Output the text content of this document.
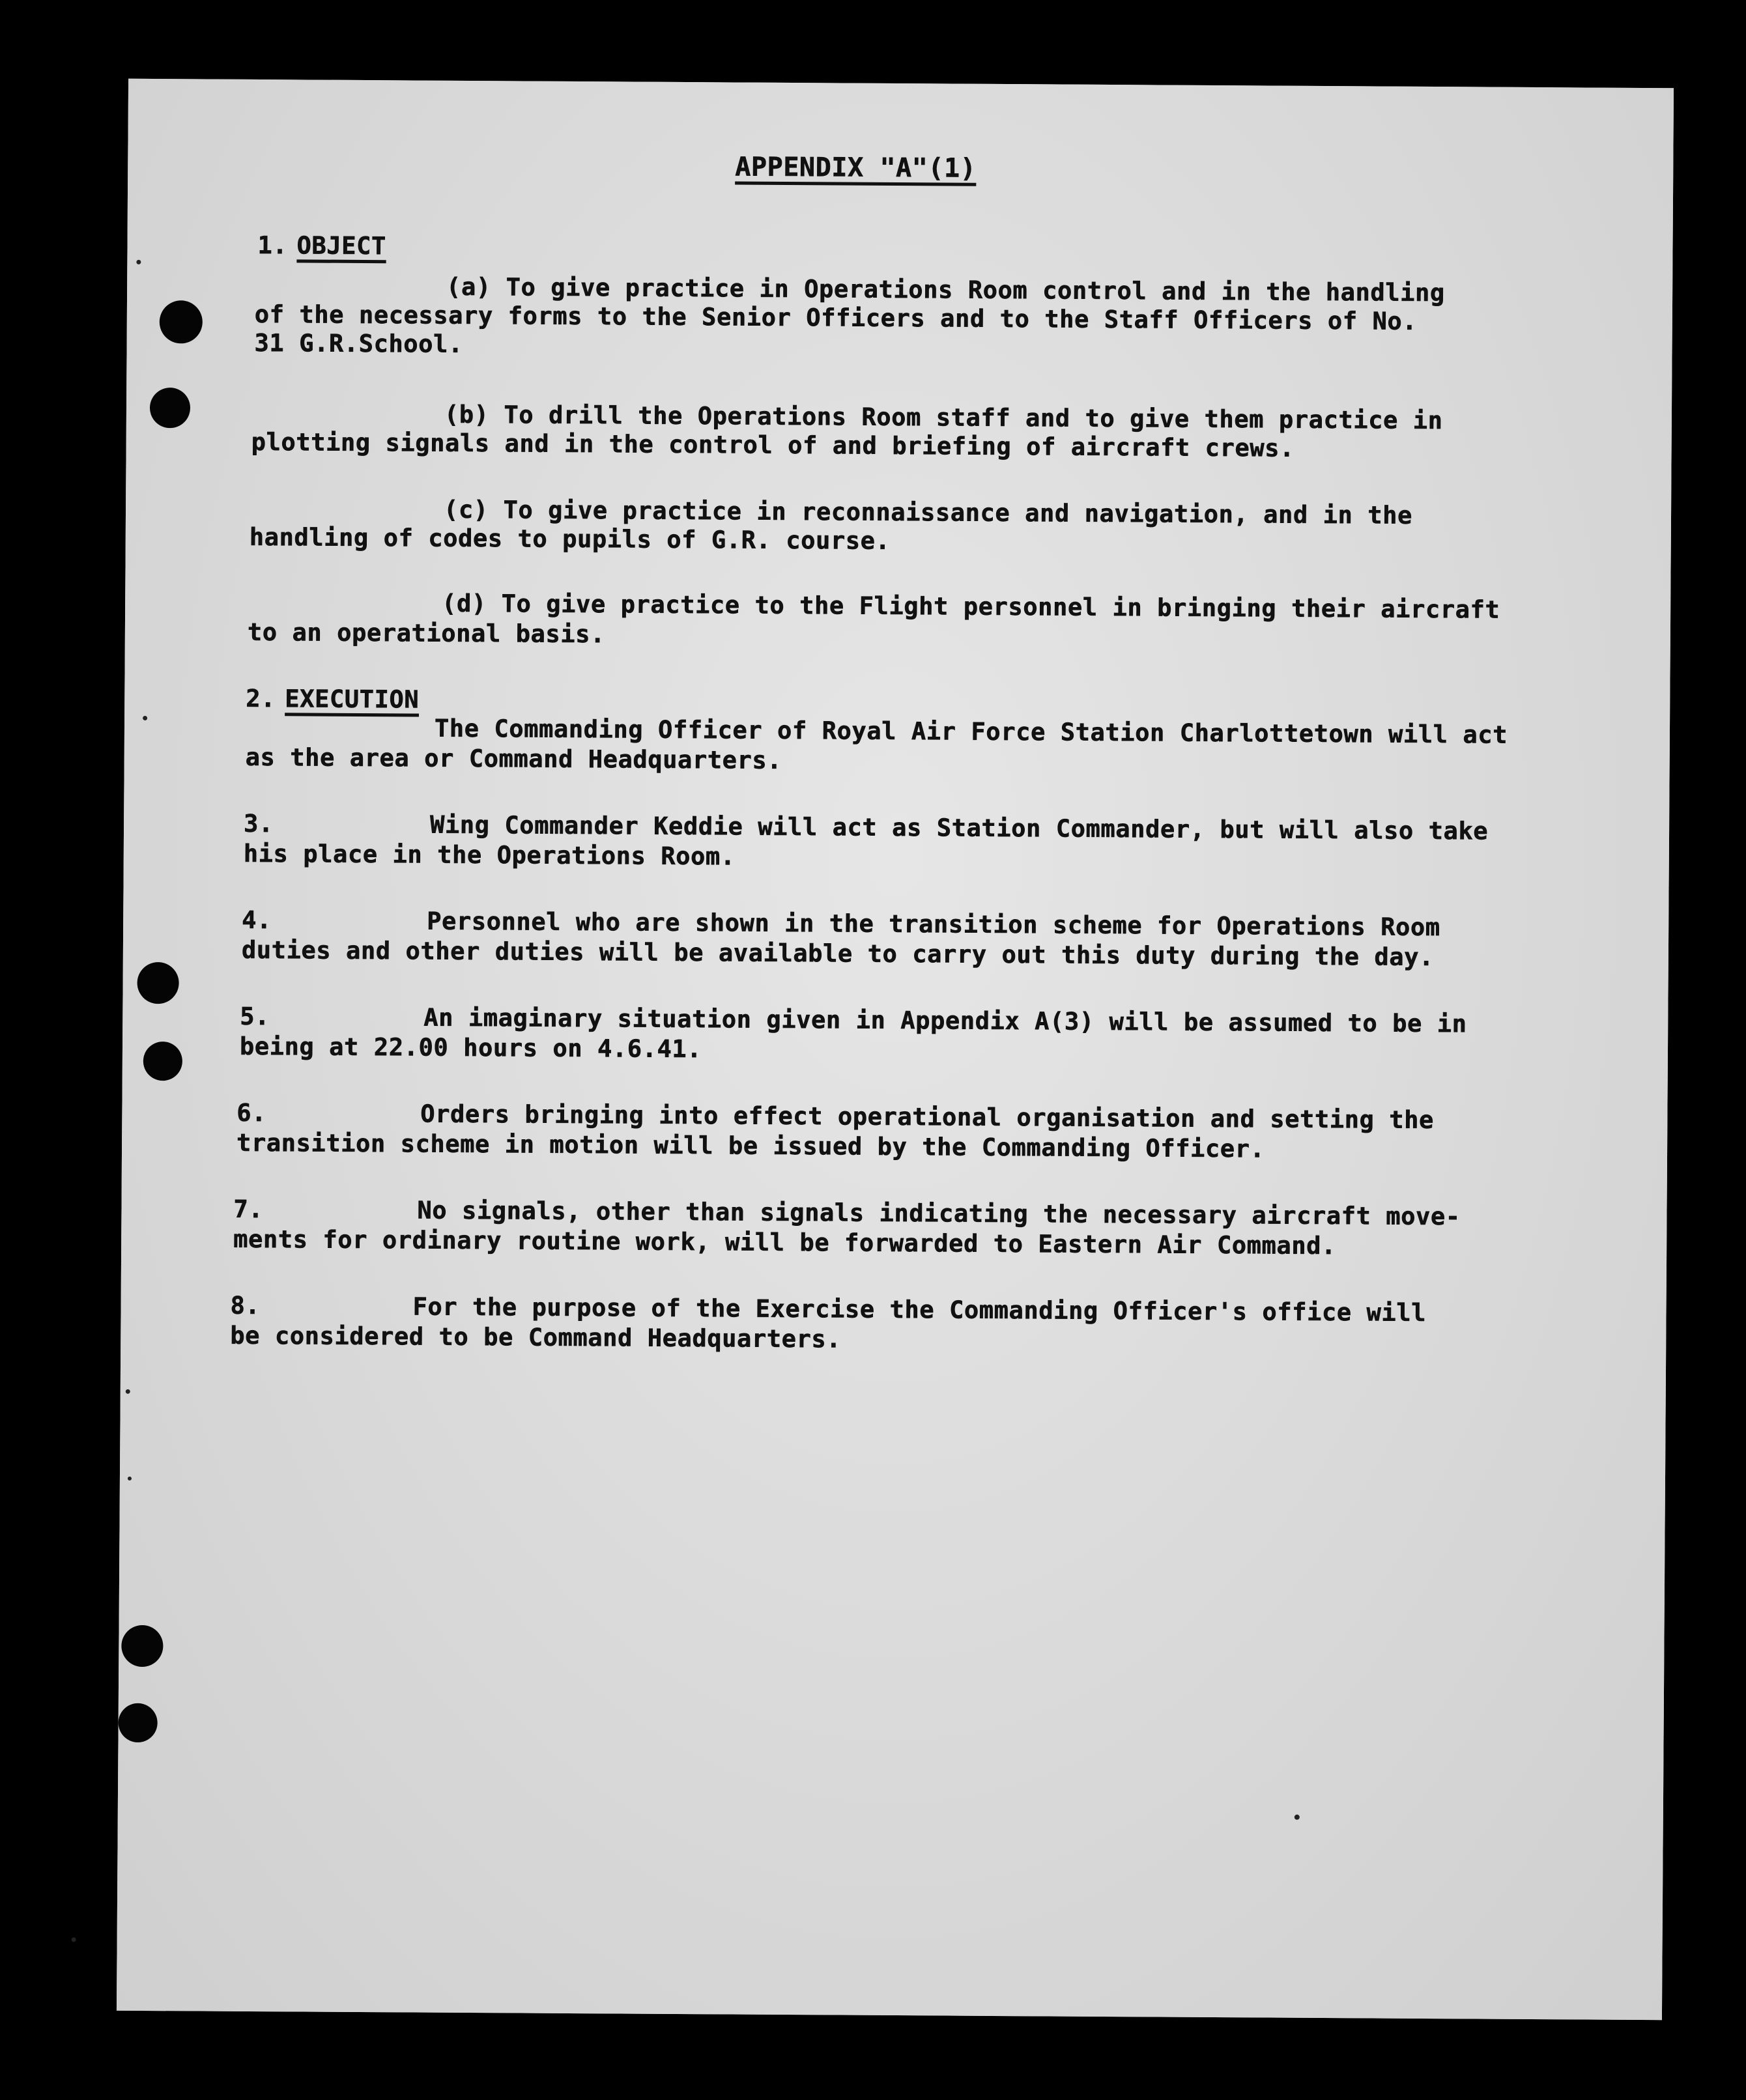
APPENDIX "A"(1)
1. OBJECT
(a) To give practice in Operations Room control and in the handling
of the necessary forms to the Senior Officers and to the Staff Officers of No.
31 G.R.School.
(b) To drill the Operations Room staff and to give them practice in
plotting signals and in the control of and briefing of aircraft crews.
(c) To give practice in reconnaissance and navigation, and in the
handling of codes to pupils of G.R. course.
(d) To give practice to the Flight personnel in bringing their aircraft
to an operational basis.
2. EXECUTION
The Commanding Officer of Royal Air Force Station Charlottetown will act
as the area or Command Headquarters.
3.	Wing Commander Keddie will act as Station Commander, but will also take
his place in the Operations Room.
4.	Personnel who are shown in the transition scheme for Operations Room
duties and other duties will be available to carry out this duty during the day.
5.	An imaginary situation given in Appendix A(3) will be assumed to be in
being at 22.00 hours on 4.6.41.
6.	Orders bringing into effect operational organisation and setting the
transition scheme in motion will be issued by the Commanding Officer.
7.	No signals, other than signals indicating the necessary aircraft move-
ments for ordinary routine work, will be forwarded to Eastern Air Command.
8.	For the purpose of the Exercise the Commanding Officer's office will
be considered to be Command Headquarters.
